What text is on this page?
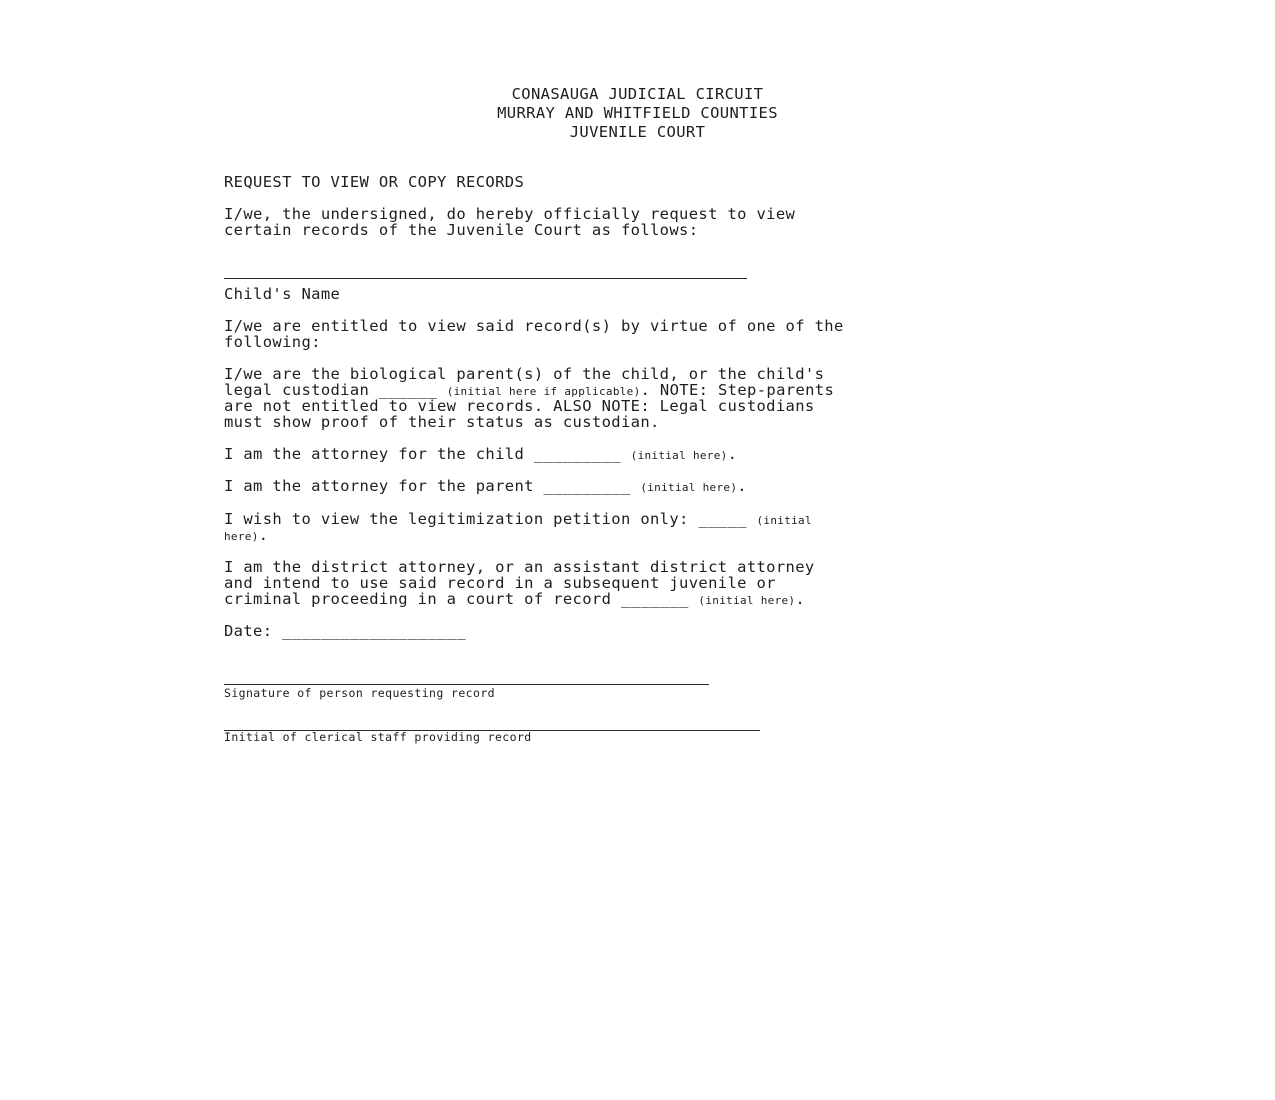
CONASAUGA JUDICIAL CIRCUIT
MURRAY AND WHITFIELD COUNTIES
JUVENILE COURT
REQUEST TO VIEW OR COPY RECORDS
I/we, the undersigned, do hereby officially request to view
certain records of the Juvenile Court as follows:
Child's Name
I/we are entitled to view said record(s) by virtue of one of the
following:
I/we are the biological parent(s) of the child, or the child's
legal custodian ______ (initial here if applicable). NOTE: Step-parents
are not entitled to view records. ALSO NOTE: Legal custodians
must show proof of their status as custodian.
I am the attorney for the child _________ (initial here).
I am the attorney for the parent _________ (initial here).
I wish to view the legitimization petition only: _____ (initial
here).
I am the district attorney, or an assistant district attorney
and intend to use said record in a subsequent juvenile or
criminal proceeding in a court of record _______ (initial here).
Date: ___________________
Signature of person requesting record
Initial of clerical staff providing record
